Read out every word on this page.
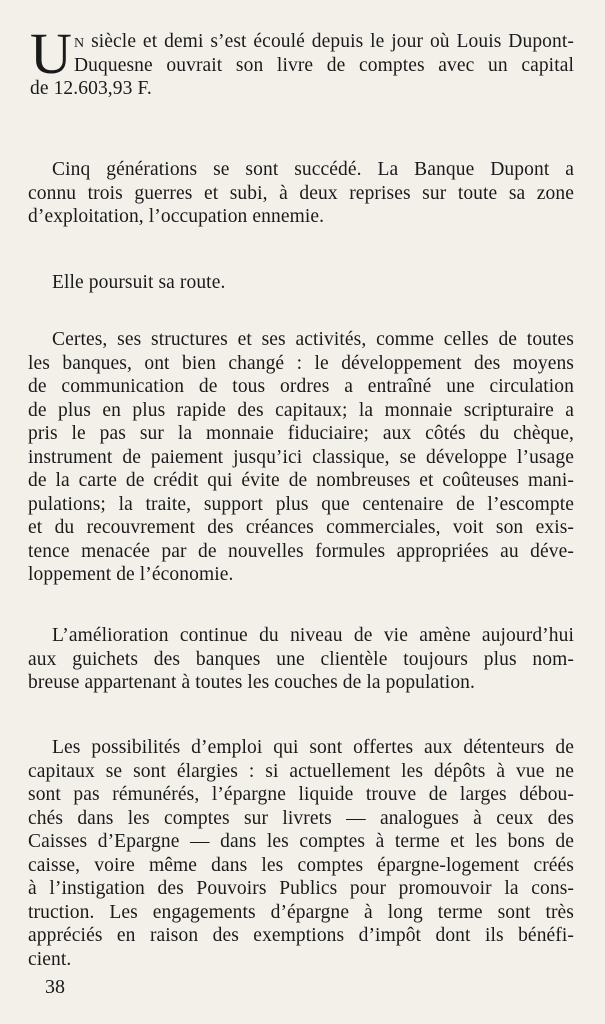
Un siècle et demi s’est écoulé depuis le jour où Louis Dupont-
Duquesne ouvrait son livre de comptes avec un capital
de 12.603,93 F.

Cinq générations se sont succédé. La Banque Dupont a
connu trois guerres et subi, à deux reprises sur toute sa zone
d’exploitation, l’occupation ennemie.

Elle poursuit sa route.

Certes, ses structures et ses activités, comme celles de toutes
les banques, ont bien changé : le développement des moyens
de communication de tous ordres a entraîné une circulation
de plus en plus rapide des capitaux; la monnaie scripturaire a
pris le pas sur la monnaie fiduciaire; aux côtés du chèque,
instrument de paiement jusqu’ici classique, se développe l’usage
de la carte de crédit qui évite de nombreuses et coûteuses mani-
pulations; la traite, support plus que centenaire de l’escompte
et du recouvrement des créances commerciales, voit son exis-
tence menacée par de nouvelles formules appropriées au déve-
loppement de l’économie.

L’amélioration continue du niveau de vie amène aujourd’hui
aux guichets des banques une clientèle toujours plus nom-
breuse appartenant à toutes les couches de la population.

Les possibilités d’emploi qui sont offertes aux détenteurs de
capitaux se sont élargies : si actuellement les dépôts à vue ne
sont pas rémunérés, l’épargne liquide trouve de larges débou-
chés dans les comptes sur livrets — analogues à ceux des
Caisses d’Epargne — dans les comptes à terme et les bons de
caisse, voire même dans les comptes épargne-logement créés
à l’instigation des Pouvoirs Publics pour promouvoir la cons-
truction. Les engagements d’épargne à long terme sont très
appréciés en raison des exemptions d’impôt dont ils bénéfi-
cient.

38
